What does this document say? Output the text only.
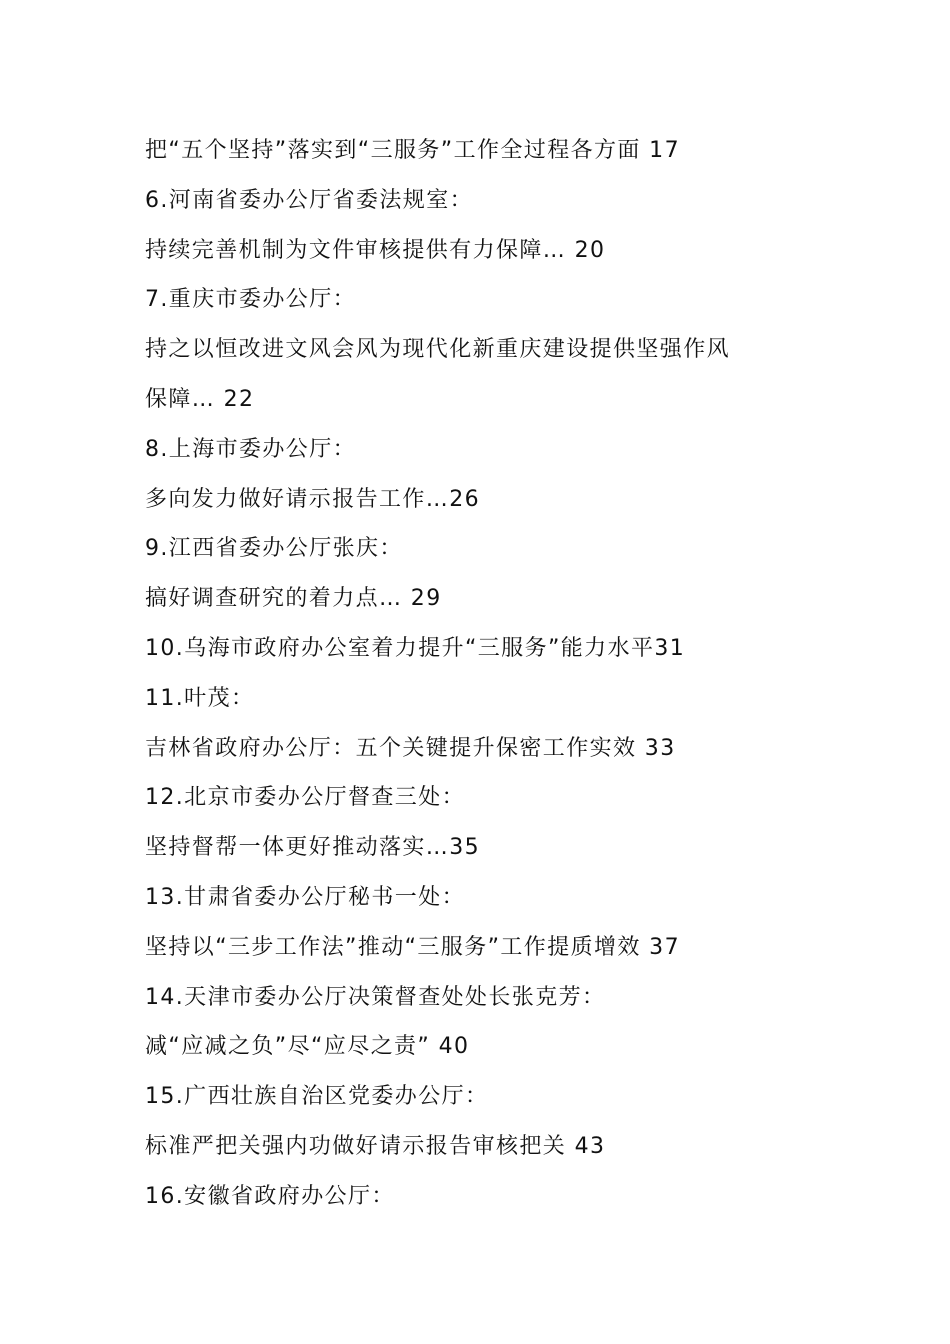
把“五个坚持”落实到“三服务”工作全过程各方面 17
6.河南省委办公厅省委法规室：
持续完善机制为文件审核提供有力保障… 20
7.重庆市委办公厅：
持之以恒改进文风会风为现代化新重庆建设提供坚强作风
保障… 22
8.上海市委办公厅：
多向发力做好请示报告工作…26
9.江西省委办公厅张庆：
搞好调查研究的着力点… 29
10.乌海市政府办公室着力提升“三服务”能力水平31
11.叶茂：
吉林省政府办公厅：五个关键提升保密工作实效 33
12.北京市委办公厅督查三处：
坚持督帮一体更好推动落实…35
13.甘肃省委办公厅秘书一处：
坚持以“三步工作法”推动“三服务”工作提质增效 37
14.天津市委办公厅决策督查处处长张克芳：
减“应减之负”尽“应尽之责” 40
15.广西壮族自治区党委办公厅：
标准严把关强内功做好请示报告审核把关 43
16.安徽省政府办公厅：
